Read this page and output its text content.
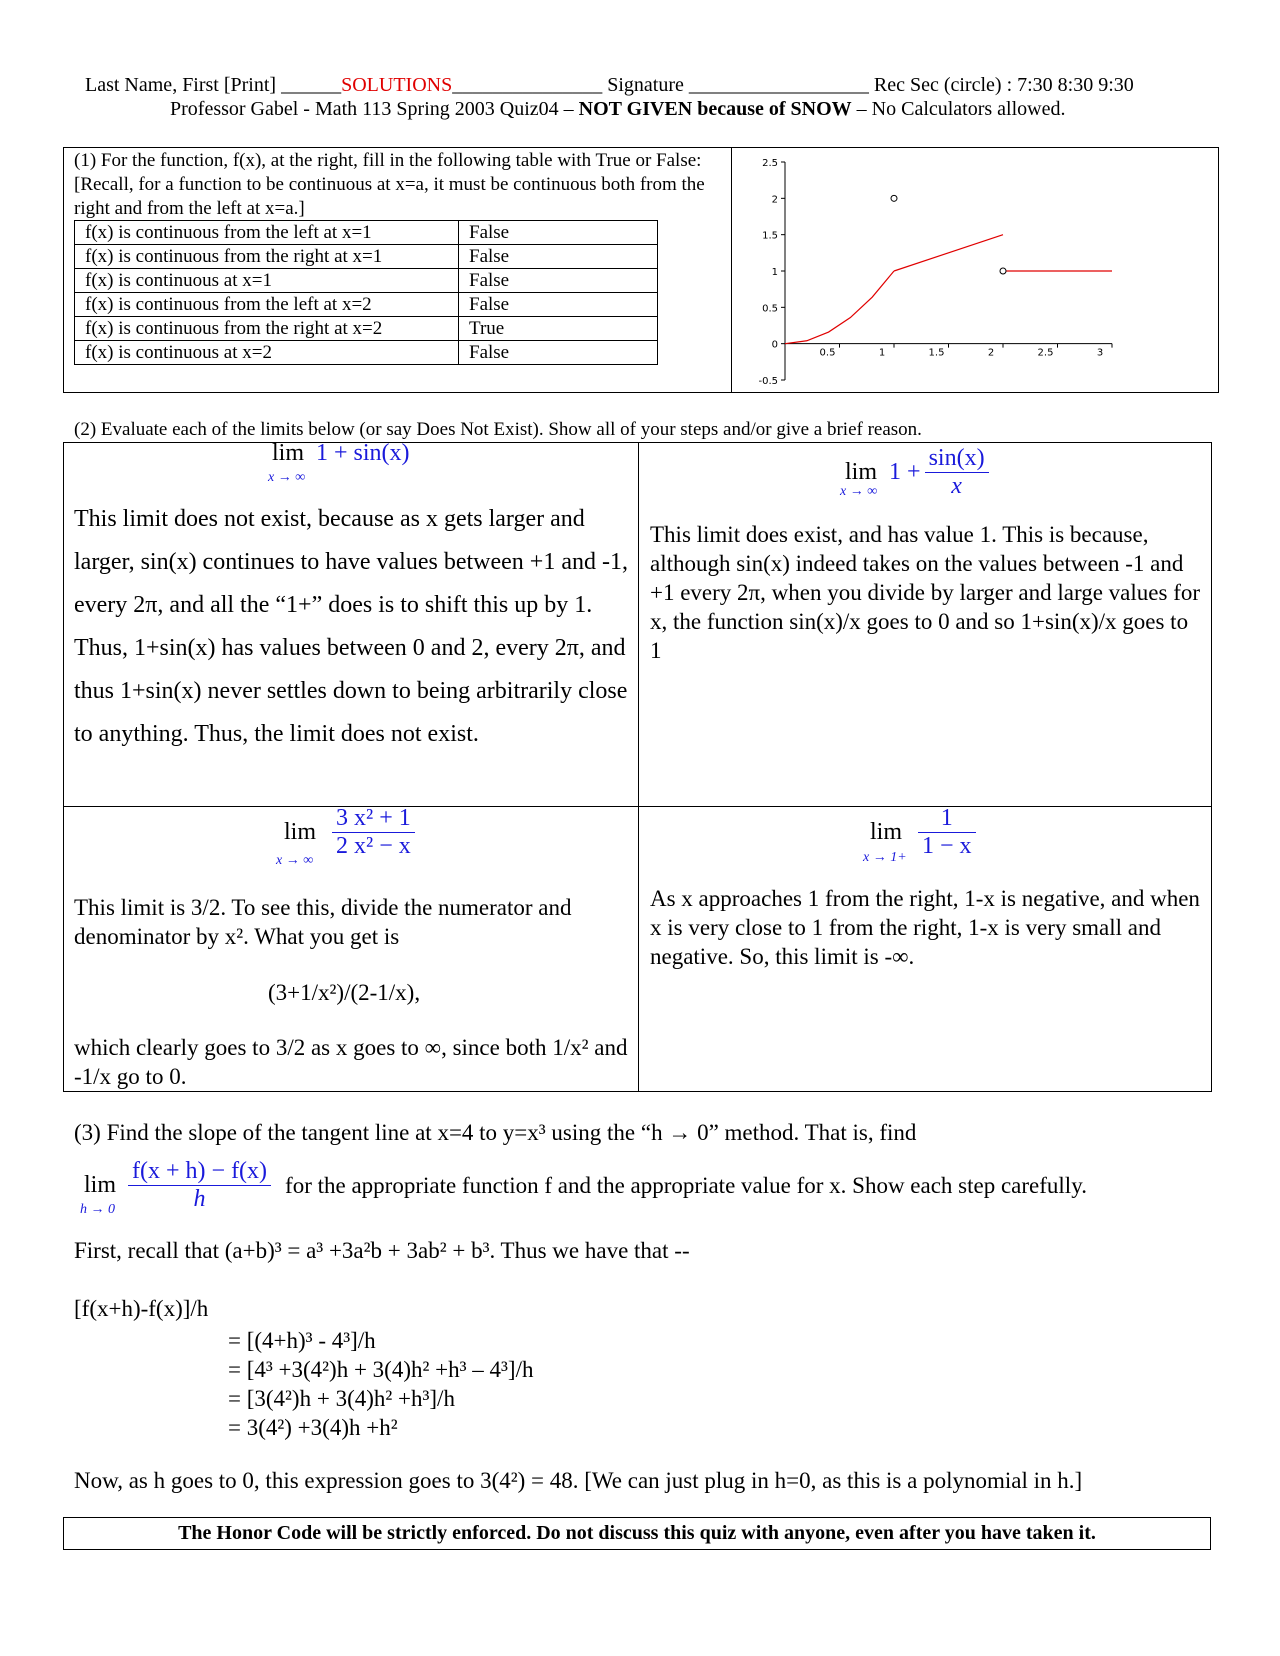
Last Name, First [Print] ______SOLUTIONS_______________ Signature __________________ Rec Sec (circle) : 7:30 8:30 9:30
Professor Gabel - Math 113 Spring 2003 Quiz04 – NOT GIVEN because of SNOW – No Calculators allowed.
(1) For the function, f(x), at the right, fill in the following table with True or False: [Recall, for a function to be continuous at x=a, it must be continuous both from the right and from the left at x=a.]
f(x) is continuous from the left at x=1	False
f(x) is continuous from the right at x=1	False
f(x) is continuous at x=1	False
f(x) is continuous from the left at x=2	False
f(x) is continuous from the right at x=2	True
f(x) is continuous at x=2	False
2.5
2
1.5
1
0.5
0
-0.5
0.5	1	1.5	2	2.5	3
(2) Evaluate each of the limits below (or say Does Not Exist). Show all of your steps and/or give a brief reason.
lim 1 + sin(x)
x → ∞
This limit does not exist, because as x gets larger and larger, sin(x) continues to have values between +1 and -1, every 2π, and all the “1+” does is to shift this up by 1. Thus, 1+sin(x) has values between 0 and 2, every 2π, and thus 1+sin(x) never settles down to being arbitrarily close to anything. Thus, the limit does not exist.
$\lim 1 + \frac{\sin(x)}{x}$
x → ∞
This limit does exist, and has value 1. This is because, although sin(x) indeed takes on the values between -1 and +1 every 2π, when you divide by larger and large values for x, the function sin(x)/x goes to 0 and so 1+sin(x)/x goes to 1
$\lim \frac{\text{3 x² + 1}}{\text{2 x² − x}}$
x → ∞
This limit is 3/2. To see this, divide the numerator and denominator by x². What you get is
(3+1/x²)/(2-1/x),
which clearly goes to 3/2 as x goes to ∞, since both 1/x² and -1/x go to 0.
$\lim \frac{1}{1 - x}$
x → 1+
As x approaches 1 from the right, 1-x is negative, and when x is very close to 1 from the right, 1-x is very small and negative. So, this limit is -∞.
(3) Find the slope of the tangent line at x=4 to y=x³ using the “h → 0” method. That is, find
$\lim \frac{f(x + h) - f(x)}{h}$ for the appropriate function f and the appropriate value for x. Show each step carefully.
h → 0
First, recall that (a+b)³ = a³ +3a²b + 3ab² + b³. Thus we have that --
[f(x+h)-f(x)]/h
= [(4+h)³ - 4³]/h
= [4³ +3(4²)h + 3(4)h² +h³ – 4³]/h
= [3(4²)h + 3(4)h² +h³]/h
= 3(4²) +3(4)h +h²
Now, as h goes to 0, this expression goes to 3(4²) = 48. [We can just plug in h=0, as this is a polynomial in h.]
The Honor Code will be strictly enforced. Do not discuss this quiz with anyone, even after you have taken it.
